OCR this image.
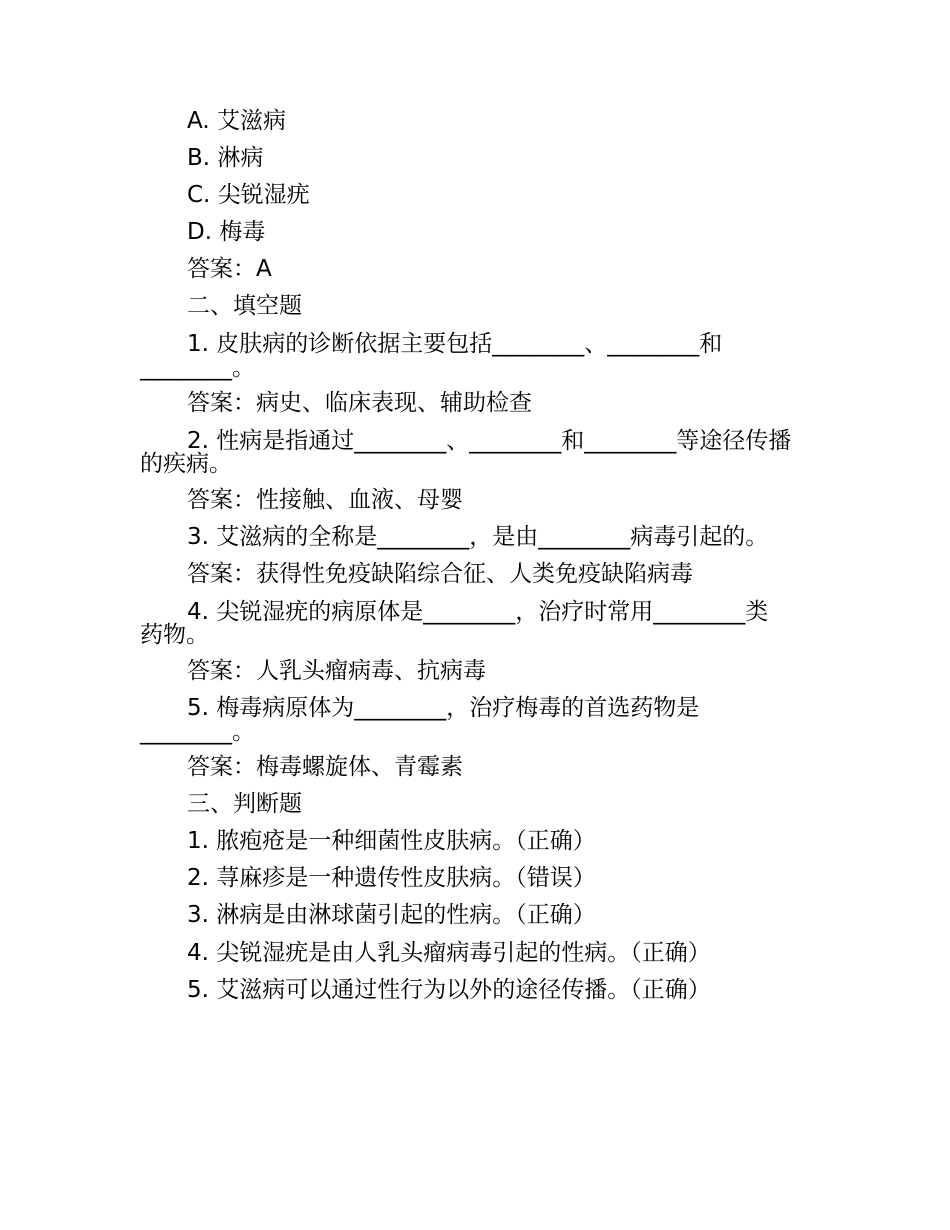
A. 艾滋病
B. 淋病
C. 尖锐湿疣
D. 梅毒
答案：A
二、填空题
1. 皮肤病的诊断依据主要包括________、________和
________。
答案：病史、临床表现、辅助检查
2. 性病是指通过________、________和________等途径传播
的疾病。
答案：性接触、血液、母婴
3. 艾滋病的全称是________，是由________病毒引起的。
答案：获得性免疫缺陷综合征、人类免疫缺陷病毒
4. 尖锐湿疣的病原体是________，治疗时常用________类
药物。
答案：人乳头瘤病毒、抗病毒
5. 梅毒病原体为________，治疗梅毒的首选药物是
________。
答案：梅毒螺旋体、青霉素
三、判断题
1. 脓疱疮是一种细菌性皮肤病。（正确）
2. 荨麻疹是一种遗传性皮肤病。（错误）
3. 淋病是由淋球菌引起的性病。（正确）
4. 尖锐湿疣是由人乳头瘤病毒引起的性病。（正确）
5. 艾滋病可以通过性行为以外的途径传播。（正确）
